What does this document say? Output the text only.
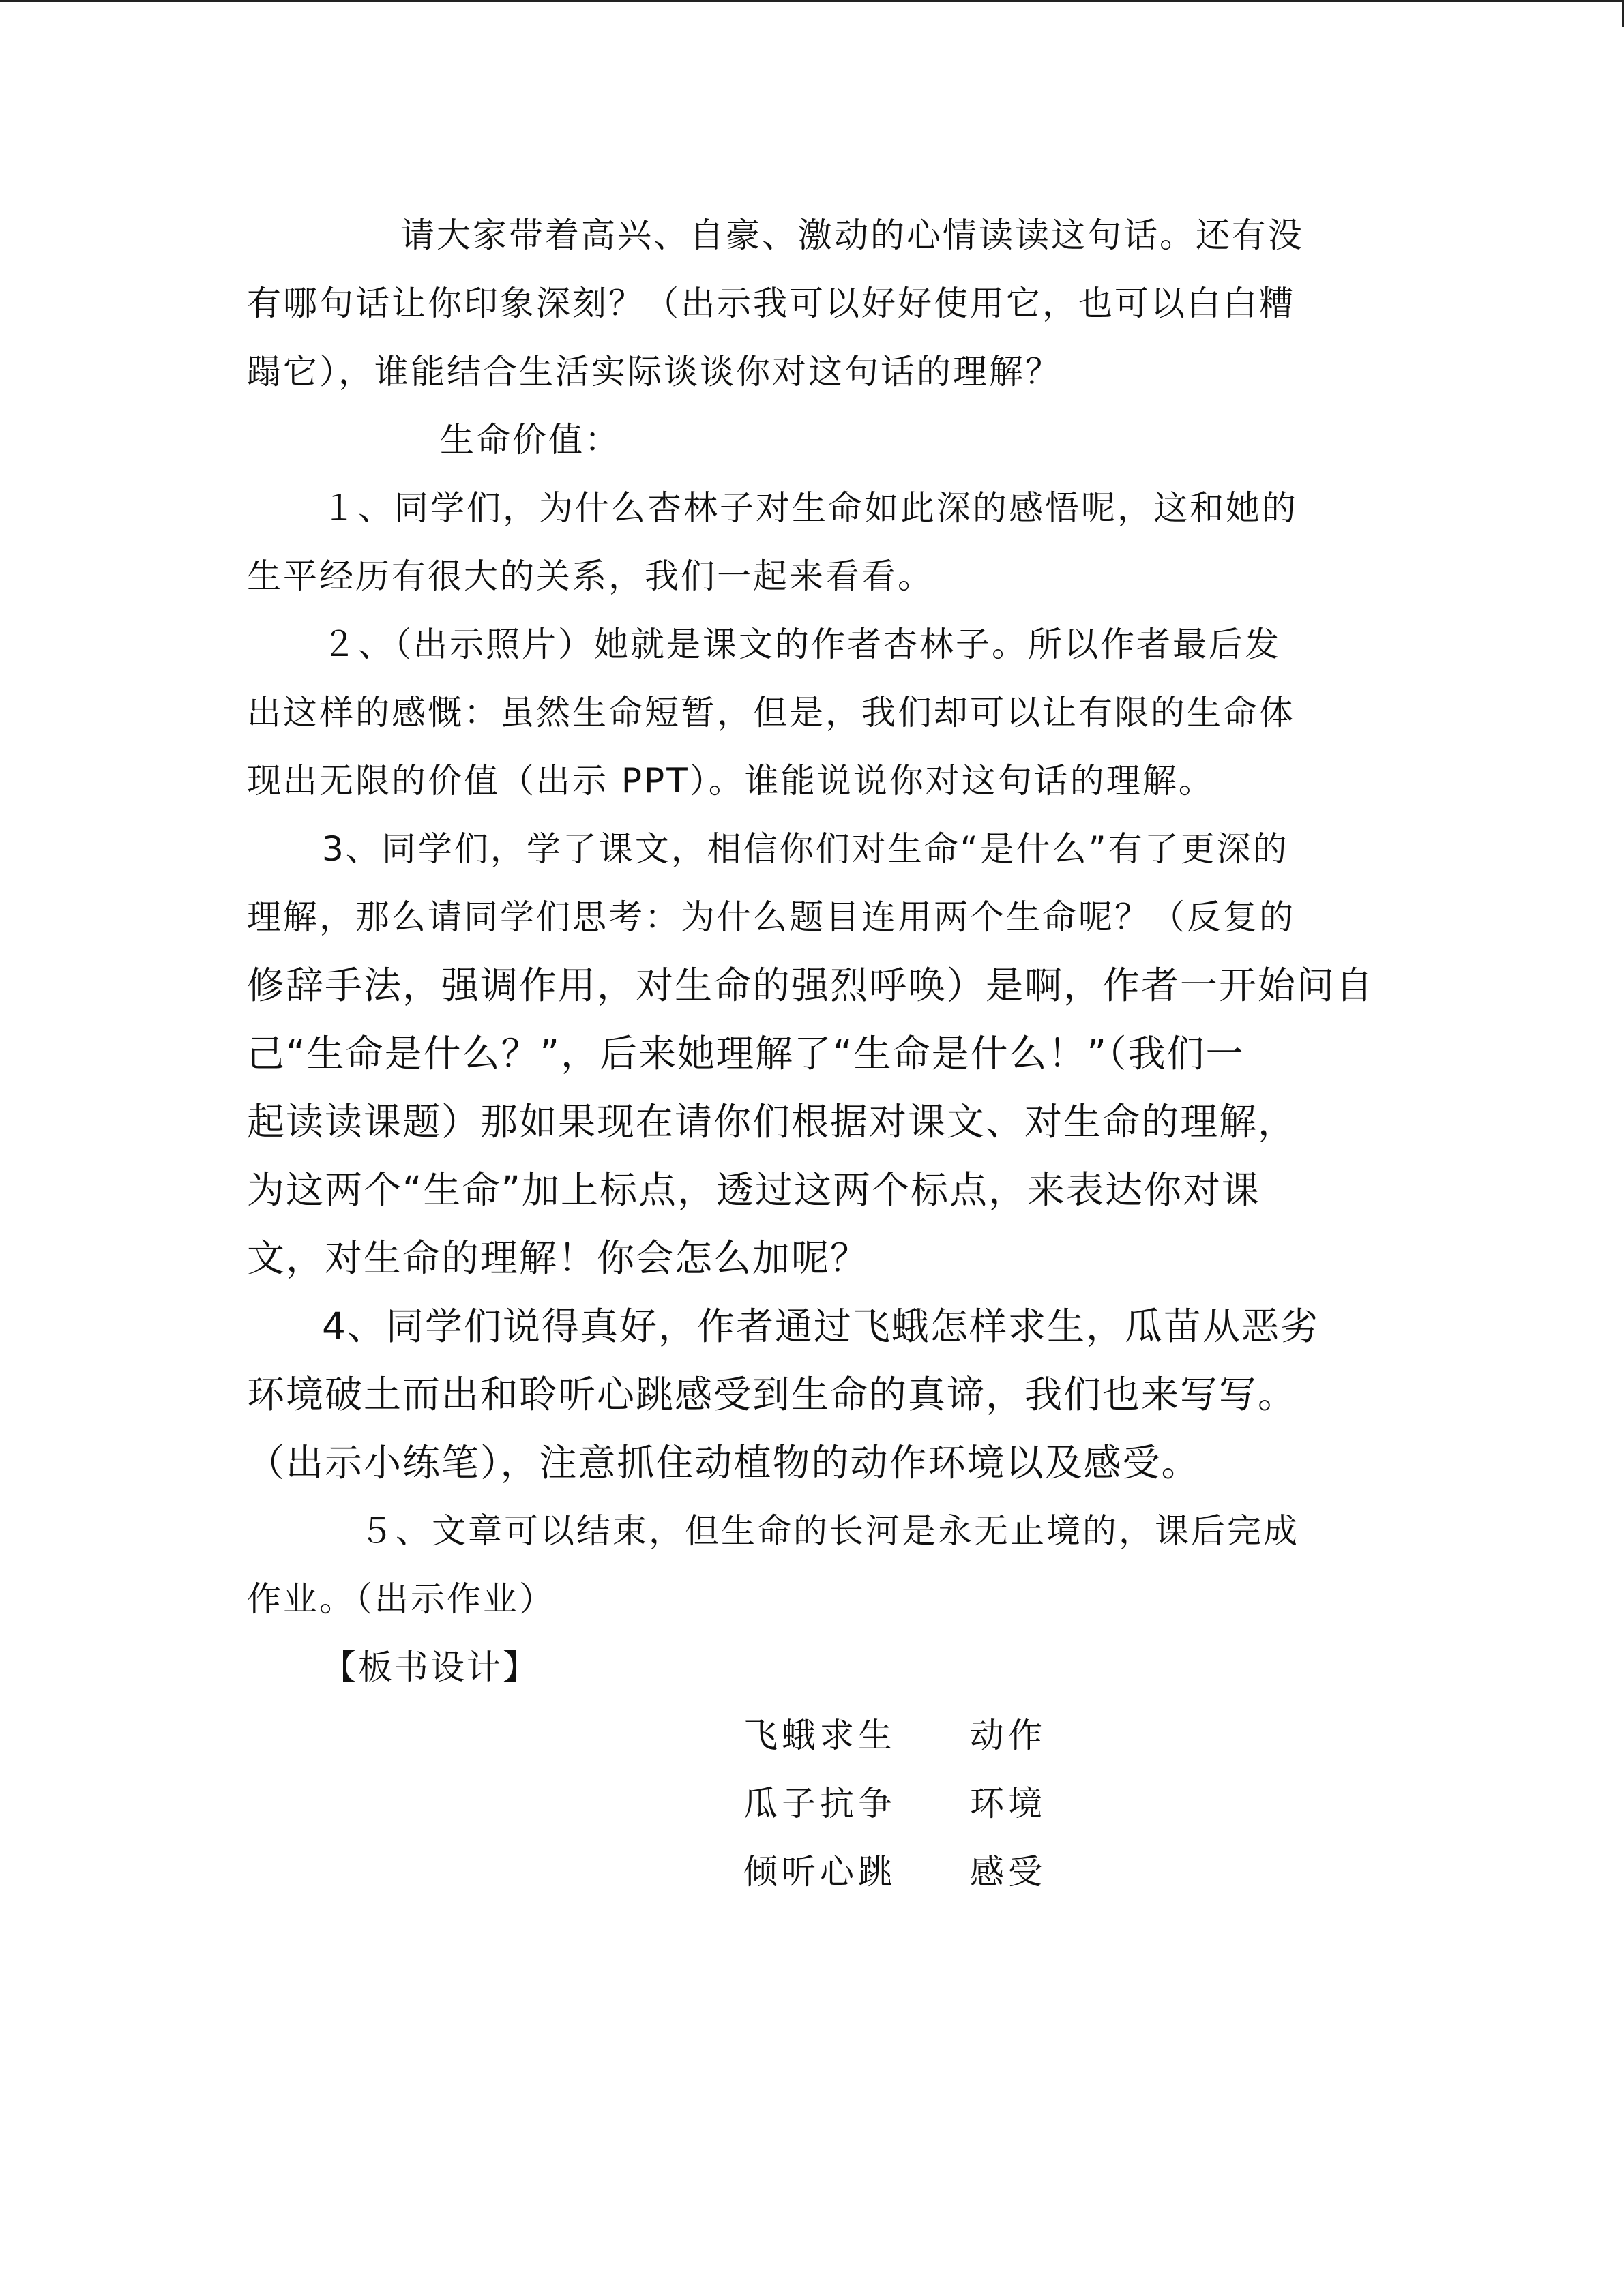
请大家带着高兴、自豪、激动的心情读读这句话。还有没
有哪句话让你印象深刻？（出示我可以好好使用它，也可以白白糟
蹋它），谁能结合生活实际谈谈你对这句话的理解？
生命价值：
１、同学们，为什么杏林子对生命如此深的感悟呢，这和她的
生平经历有很大的关系，我们一起来看看。
２、（出示照片）她就是课文的作者杏林子。所以作者最后发
出这样的感慨：虽然生命短暂，但是，我们却可以让有限的生命体
现出无限的价值（出示 PPT）。谁能说说你对这句话的理解。
3、同学们，学了课文，相信你们对生命“是什么”有了更深的
理解，那么请同学们思考：为什么题目连用两个生命呢？（反复的
修辞手法，强调作用，对生命的强烈呼唤）是啊，作者一开始问自
己“生命是什么？”，后来她理解了“生命是什么！”（我们一
起读读课题）那如果现在请你们根据对课文、对生命的理解，
为这两个“生命”加上标点，透过这两个标点，来表达你对课
文，对生命的理解！你会怎么加呢？
4、同学们说得真好，作者通过飞蛾怎样求生，瓜苗从恶劣
环境破土而出和聆听心跳感受到生命的真谛，我们也来写写。
（出示小练笔），注意抓住动植物的动作环境以及感受。
５、文章可以结束，但生命的长河是永无止境的，课后完成
作业。（出示作业）
【板书设计】
飞蛾求生 动作
瓜子抗争 环境
倾听心跳 感受
